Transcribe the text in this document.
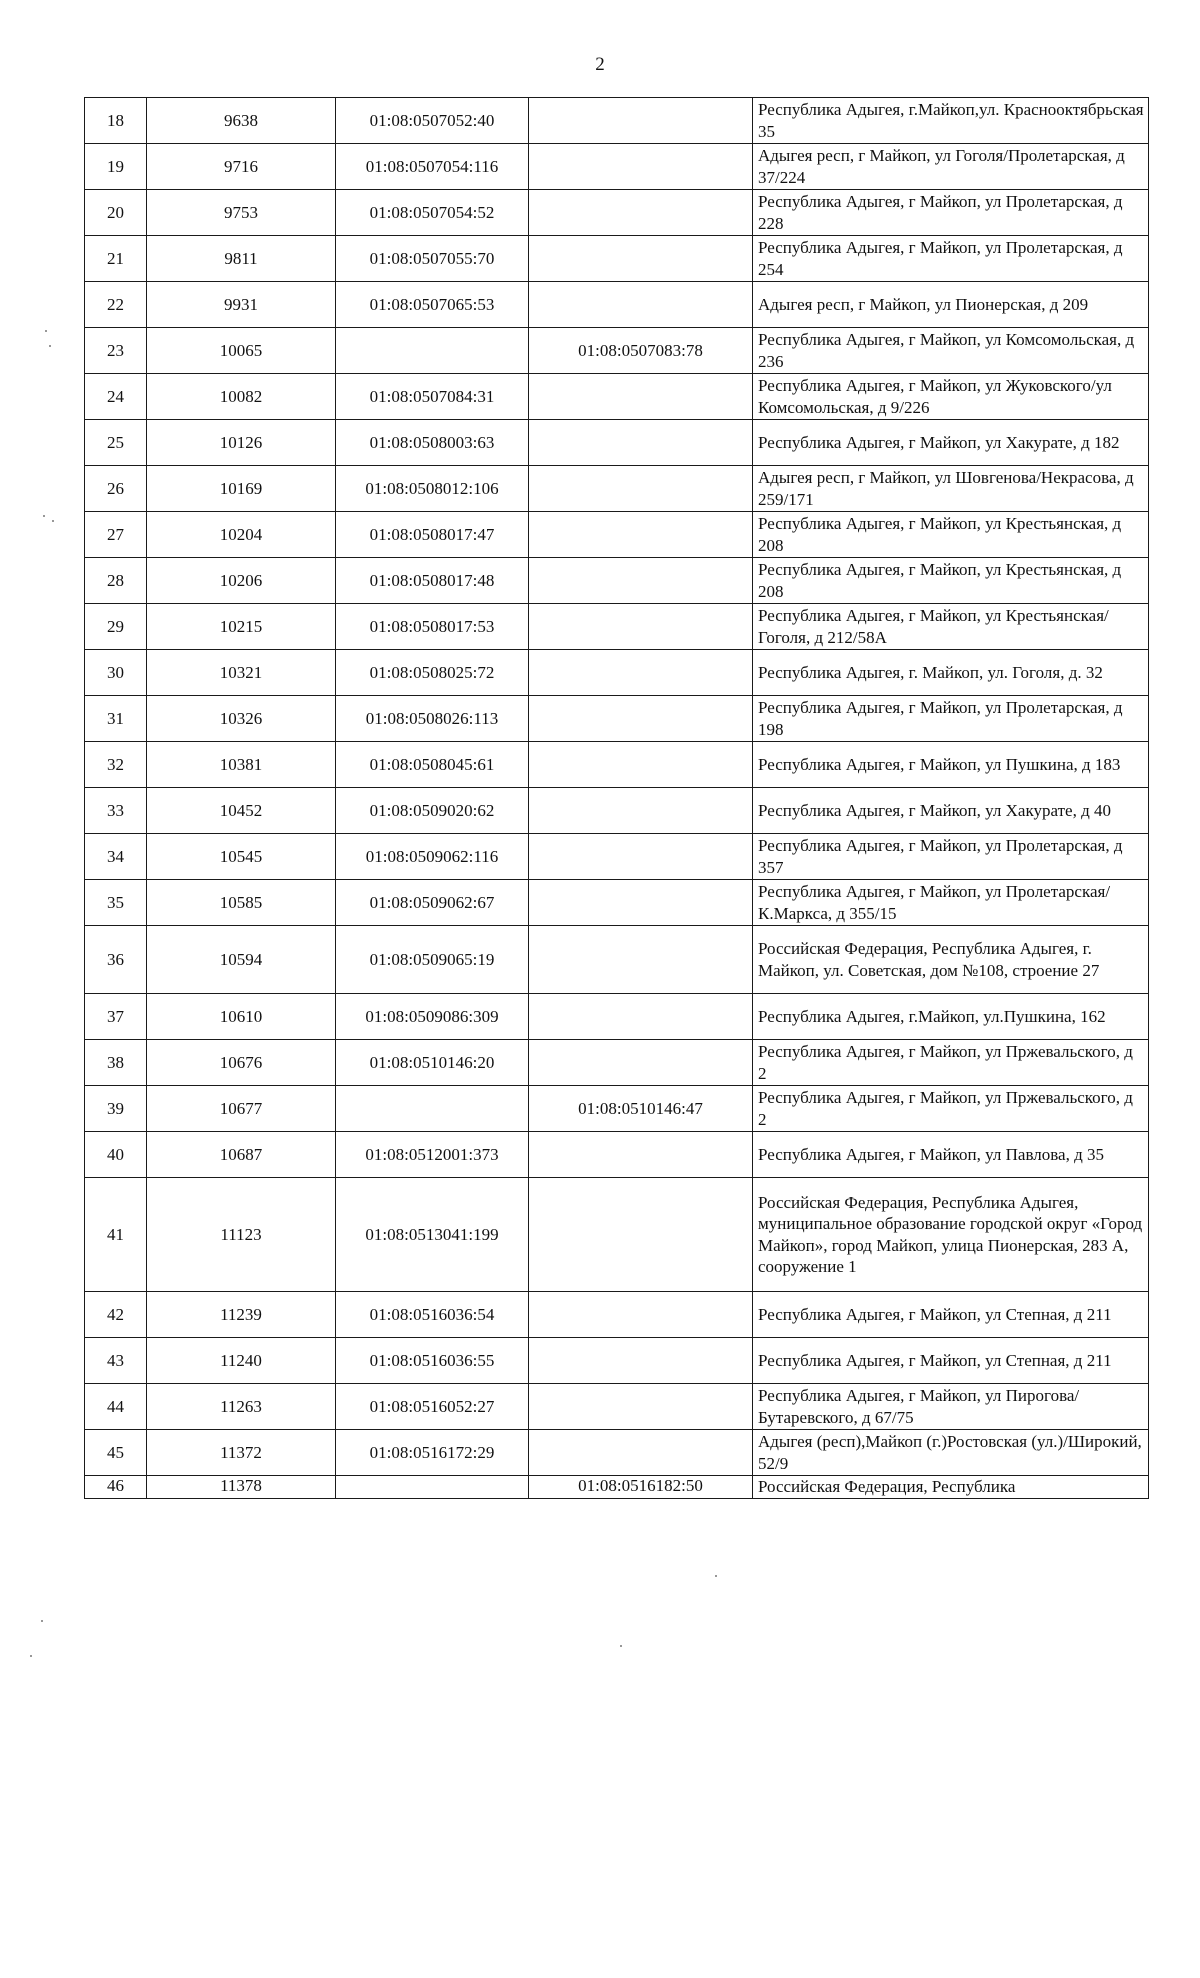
2
18	9638	01:08:0507052:40		Республика Адыгея, г.Майкоп,ул. Краснооктябрьская 35
19	9716	01:08:0507054:116		Адыгея респ, г Майкоп, ул Гоголя/Пролетарская, д 37/224
20	9753	01:08:0507054:52		Республика Адыгея, г Майкоп, ул Пролетарская, д 228
21	9811	01:08:0507055:70		Республика Адыгея, г Майкоп, ул Пролетарская, д 254
22	9931	01:08:0507065:53		Адыгея респ, г Майкоп, ул Пионерская, д 209
23	10065		01:08:0507083:78	Республика Адыгея, г Майкоп, ул Комсомольская, д 236
24	10082	01:08:0507084:31		Республика Адыгея, г Майкоп, ул Жуковского/ул Комсомольская, д 9/226
25	10126	01:08:0508003:63		Республика Адыгея, г Майкоп, ул Хакурате, д 182
26	10169	01:08:0508012:106		Адыгея респ, г Майкоп, ул Шовгенова/Некрасова, д 259/171
27	10204	01:08:0508017:47		Республика Адыгея, г Майкоп, ул Крестьянская, д 208
28	10206	01:08:0508017:48		Республика Адыгея, г Майкоп, ул Крестьянская, д 208
29	10215	01:08:0508017:53		Республика Адыгея, г Майкоп, ул Крестьянская/Гоголя, д 212/58А
30	10321	01:08:0508025:72		Республика Адыгея, г. Майкоп, ул. Гоголя, д. 32
31	10326	01:08:0508026:113		Республика Адыгея, г Майкоп, ул Пролетарская, д 198
32	10381	01:08:0508045:61		Республика Адыгея, г Майкоп, ул Пушкина, д 183
33	10452	01:08:0509020:62		Республика Адыгея, г Майкоп, ул Хакурате, д 40
34	10545	01:08:0509062:116		Республика Адыгея, г Майкоп, ул Пролетарская, д 357
35	10585	01:08:0509062:67		Республика Адыгея, г Майкоп, ул Пролетарская/К.Маркса, д 355/15
36	10594	01:08:0509065:19		Российская Федерация, Республика Адыгея, г. Майкоп, ул. Советская, дом №108, строение 27
37	10610	01:08:0509086:309		Республика Адыгея, г.Майкоп, ул.Пушкина, 162
38	10676	01:08:0510146:20		Республика Адыгея, г Майкоп, ул Пржевальского, д 2
39	10677		01:08:0510146:47	Республика Адыгея, г Майкоп, ул Пржевальского, д 2
40	10687	01:08:0512001:373		Республика Адыгея, г Майкоп, ул Павлова, д 35
41	11123	01:08:0513041:199		Российская Федерация, Республика Адыгея, муниципальное образование городской округ «Город Майкоп», город Майкоп, улица Пионерская, 283 А, сооружение 1
42	11239	01:08:0516036:54		Республика Адыгея, г Майкоп, ул Степная, д 211
43	11240	01:08:0516036:55		Республика Адыгея, г Майкоп, ул Степная, д 211
44	11263	01:08:0516052:27		Республика Адыгея, г Майкоп, ул Пирогова/Бутаревского, д 67/75
45	11372	01:08:0516172:29		Адыгея (респ),Майкоп (г.)Ростовская (ул.)/Широкий, 52/9
46	11378		01:08:0516182:50	Российская Федерация, Республика
